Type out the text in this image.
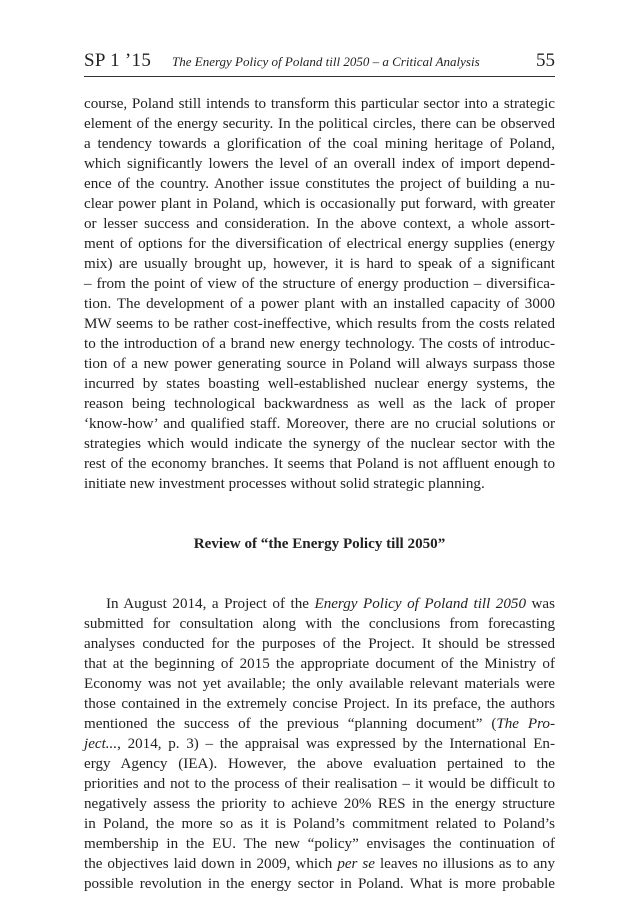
SP 1 ’15 The Energy Policy of Poland till 2050 – a Critical Analysis	55
course, Poland still intends to transform this particular sector into a strategic
element of the energy security. In the political circles, there can be observed
a tendency towards a glorification of the coal mining heritage of Poland,
which significantly lowers the level of an overall index of import depend-
ence of the country. Another issue constitutes the project of building a nu-
clear power plant in Poland, which is occasionally put forward, with greater
or lesser success and consideration. In the above context, a whole assort-
ment of options for the diversification of electrical energy supplies (energy
mix) are usually brought up, however, it is hard to speak of a significant
– from the point of view of the structure of energy production – diversifica-
tion. The development of a power plant with an installed capacity of 3000
MW seems to be rather cost-ineffective, which results from the costs related
to the introduction of a brand new energy technology. The costs of introduc-
tion of a new power generating source in Poland will always surpass those
incurred by states boasting well-established nuclear energy systems, the
reason being technological backwardness as well as the lack of proper
‘know-how’ and qualified staff. Moreover, there are no crucial solutions or
strategies which would indicate the synergy of the nuclear sector with the
rest of the economy branches. It seems that Poland is not affluent enough to
initiate new investment processes without solid strategic planning.
Review of “the Energy Policy till 2050”
In August 2014, a Project of the Energy Policy of Poland till 2050 was
submitted for consultation along with the conclusions from forecasting
analyses conducted for the purposes of the Project. It should be stressed
that at the beginning of 2015 the appropriate document of the Ministry of
Economy was not yet available; the only available relevant materials were
those contained in the extremely concise Project. In its preface, the authors
mentioned the success of the previous “planning document” (The Pro-
ject..., 2014, p. 3) – the appraisal was expressed by the International En-
ergy Agency (IEA). However, the above evaluation pertained to the
priorities and not to the process of their realisation – it would be difficult to
negatively assess the priority to achieve 20% RES in the energy structure
in Poland, the more so as it is Poland’s commitment related to Poland’s
membership in the EU. The new “policy” envisages the continuation of
the objectives laid down in 2009, which per se leaves no illusions as to any
possible revolution in the energy sector in Poland. What is more probable
